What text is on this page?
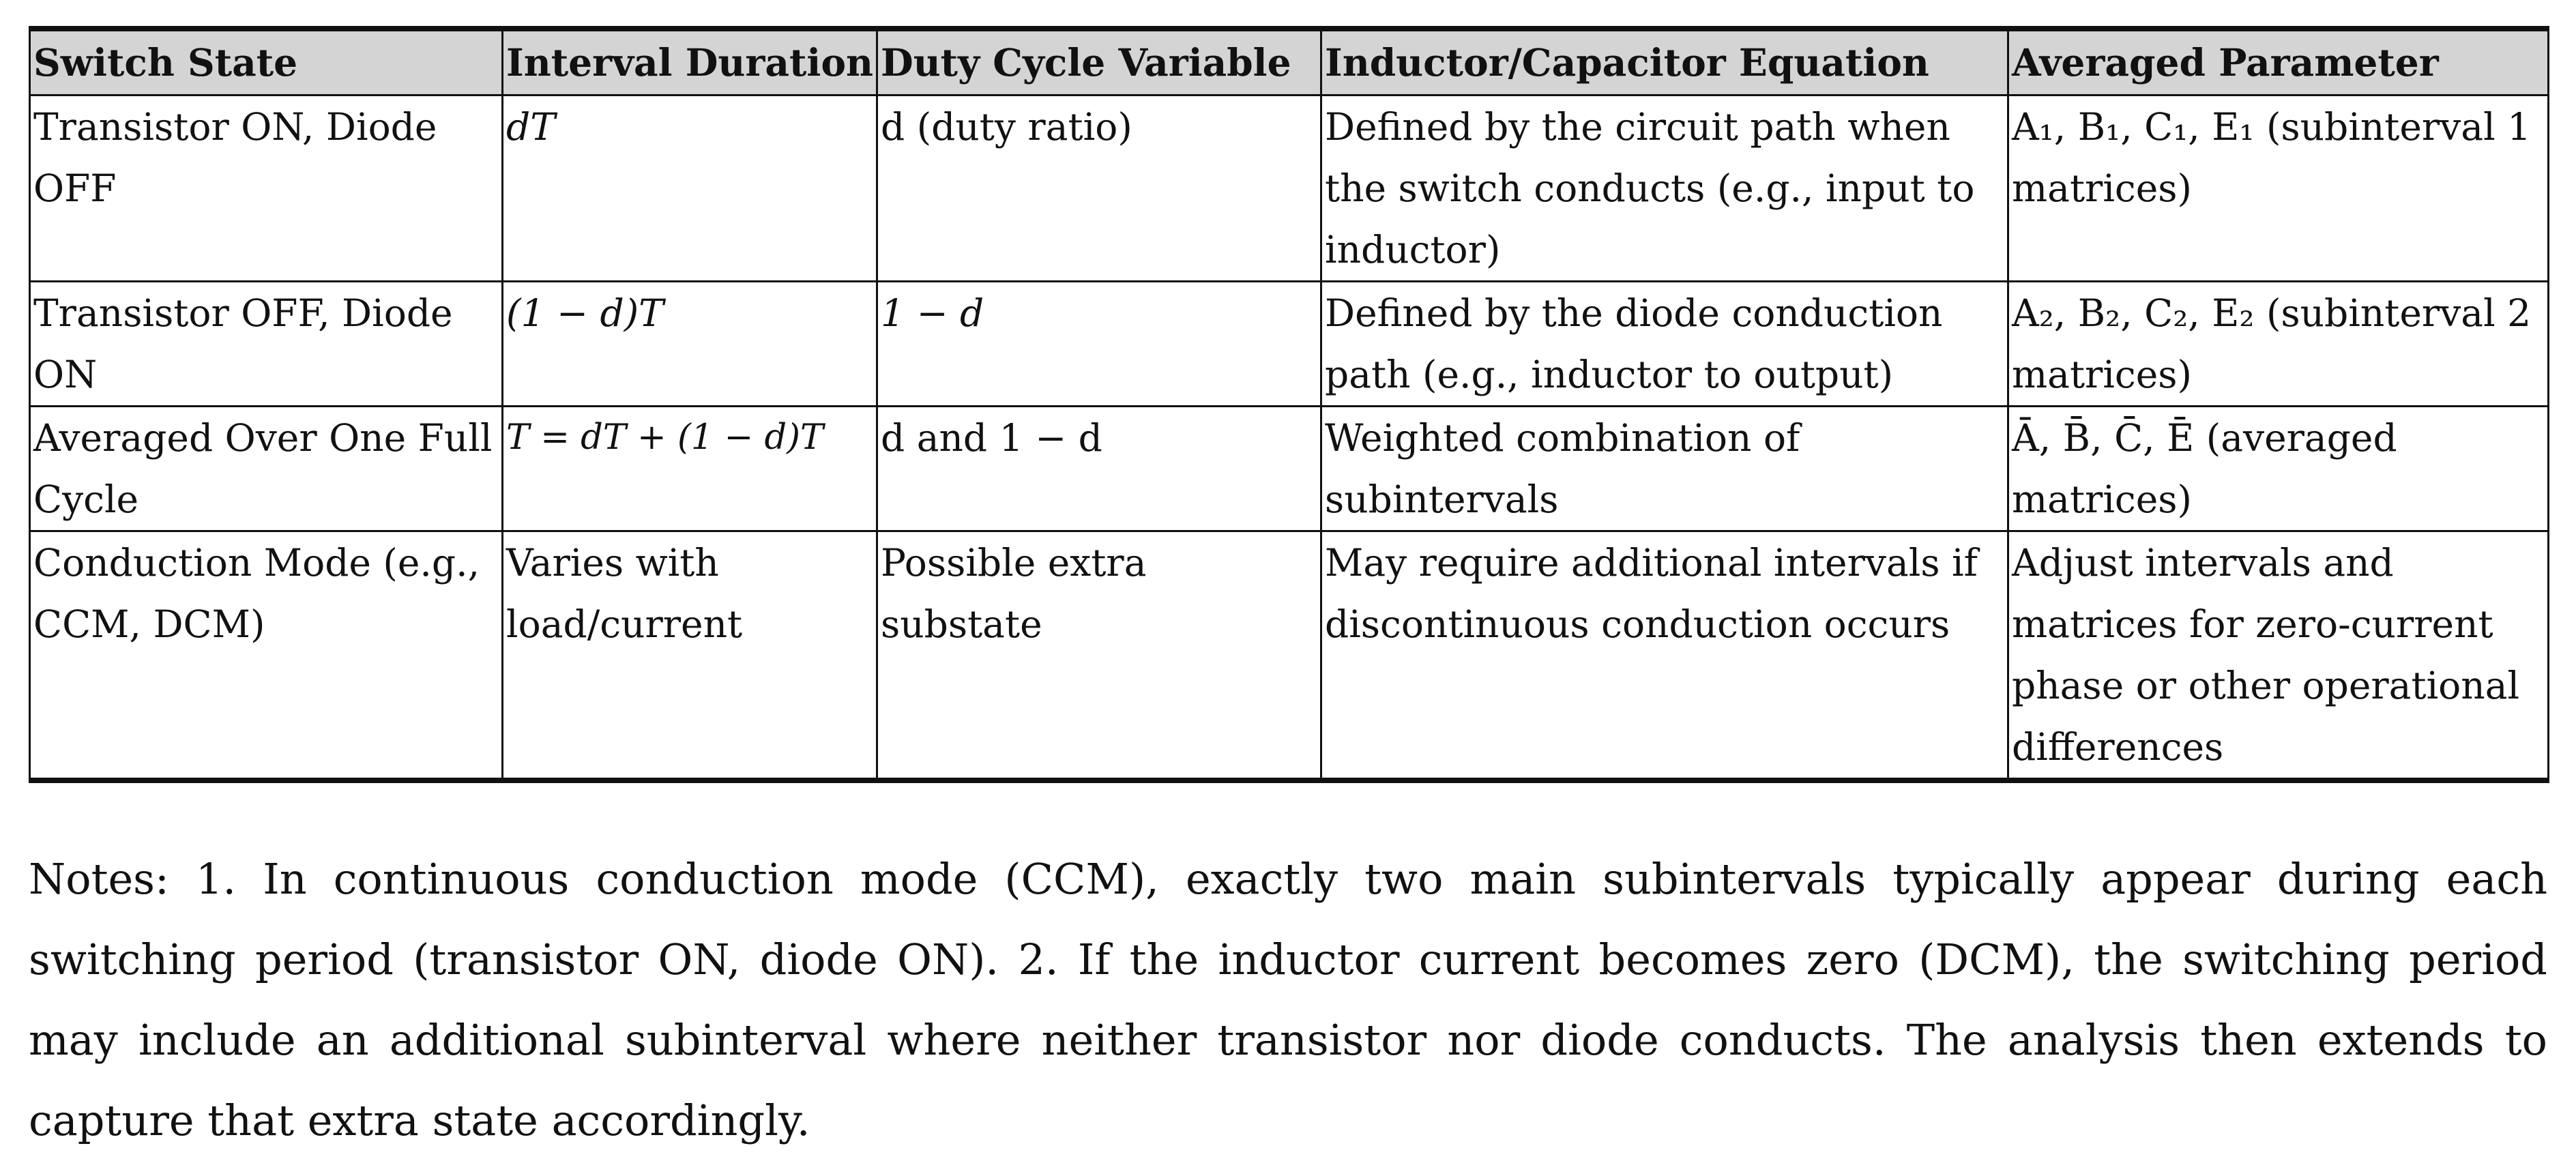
Switch State	Interval Duration	Duty Cycle Variable	Inductor/Capacitor Equation	Averaged Parameter
Transistor ON, Diode OFF	dT	d (duty ratio)	Defined by the circuit path when the switch conducts (e.g., input to inductor)	A₁, B₁, C₁, E₁ (subinterval 1 matrices)
Transistor OFF, Diode ON	(1 − d)T	1 − d	Defined by the diode conduction path (e.g., inductor to output)	A₂, B₂, C₂, E₂ (subinterval 2 matrices)
Averaged Over One Full Cycle	T = dT + (1 − d)T	d and 1 − d	Weighted combination of subintervals	Ā, B̄, C̄, Ē (averaged matrices)
Conduction Mode (e.g., CCM, DCM)	Varies with load/current	Possible extra substate	May require additional intervals if discontinuous conduction occurs	Adjust intervals and matrices for zero-current phase or other operational differences

Notes: 1. In continuous conduction mode (CCM), exactly two main subintervals typically appear during each switching period (transistor ON, diode ON). 2. If the inductor current becomes zero (DCM), the switching period may include an additional subinterval where neither transistor nor diode conducts. The analysis then extends to capture that extra state accordingly.
